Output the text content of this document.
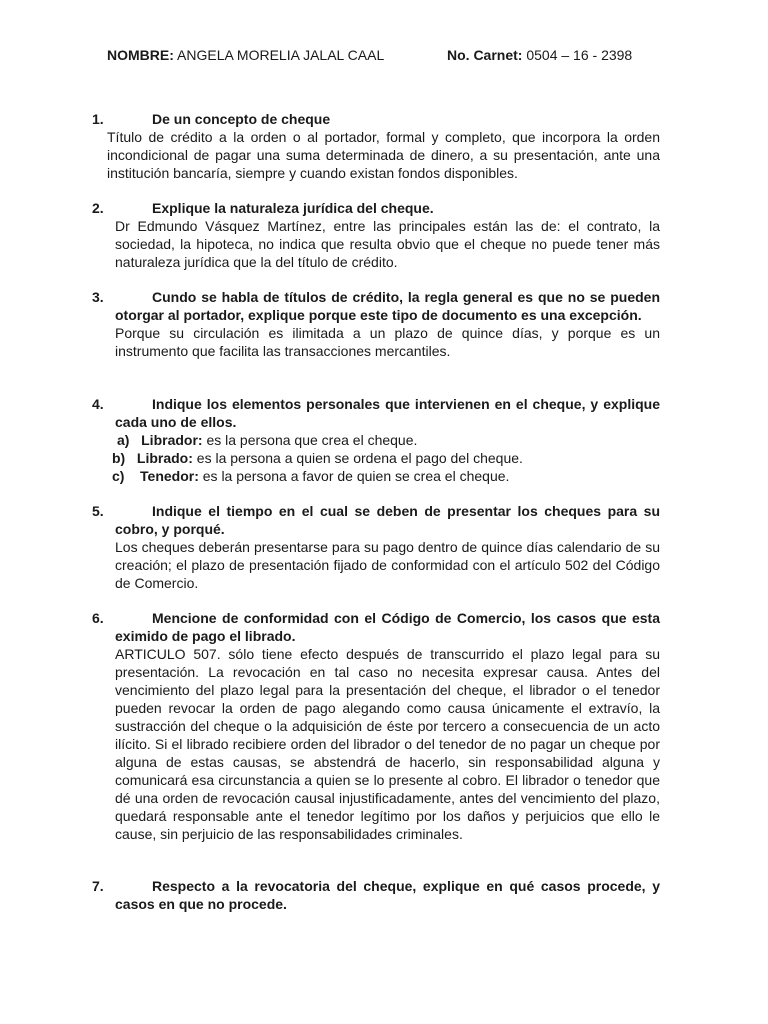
NOMBRE: ANGELA MORELIA JALAL CAAL	No. Carnet: 0504 – 16 - 2398
1.	De un concepto de cheque
Título de crédito a la orden o al portador, formal y completo, que incorpora la orden incondicional de pagar una suma determinada de dinero, a su presentación, ante una institución bancaría, siempre y cuando existan fondos disponibles.
2.	Explique la naturaleza jurídica del cheque.
Dr Edmundo Vásquez Martínez, entre las principales están las de: el contrato, la sociedad, la hipoteca, no indica que resulta obvio que el cheque no puede tener más naturaleza jurídica que la del título de crédito.
3.	Cundo se habla de títulos de crédito, la regla general es que no se pueden otorgar al portador, explique porque este tipo de documento es una excepción.
Porque su circulación es ilimitada a un plazo de quince días, y porque es un instrumento que facilita las transacciones mercantiles.
4.	Indique los elementos personales que intervienen en el cheque, y explique cada uno de ellos.
a) Librador: es la persona que crea el cheque.
b) Librado: es la persona a quien se ordena el pago del cheque.
c) Tenedor: es la persona a favor de quien se crea el cheque.
5.	Indique el tiempo en el cual se deben de presentar los cheques para su cobro, y porqué.
Los cheques deberán presentarse para su pago dentro de quince días calendario de su creación; el plazo de presentación fijado de conformidad con el artículo 502 del Código de Comercio.
6.	Mencione de conformidad con el Código de Comercio, los casos que esta eximido de pago el librado.
ARTICULO 507. sólo tiene efecto después de transcurrido el plazo legal para su presentación. La revocación en tal caso no necesita expresar causa. Antes del vencimiento del plazo legal para la presentación del cheque, el librador o el tenedor pueden revocar la orden de pago alegando como causa únicamente el extravío, la sustracción del cheque o la adquisición de éste por tercero a consecuencia de un acto ilícito. Si el librado recibiere orden del librador o del tenedor de no pagar un cheque por alguna de estas causas, se abstendrá de hacerlo, sin responsabilidad alguna y comunicará esa circunstancia a quien se lo presente al cobro. El librador o tenedor que dé una orden de revocación causal injustificadamente, antes del vencimiento del plazo, quedará responsable ante el tenedor legítimo por los daños y perjuicios que ello le cause, sin perjuicio de las responsabilidades criminales.
7.	Respecto a la revocatoria del cheque, explique en qué casos procede, y casos en que no procede.
